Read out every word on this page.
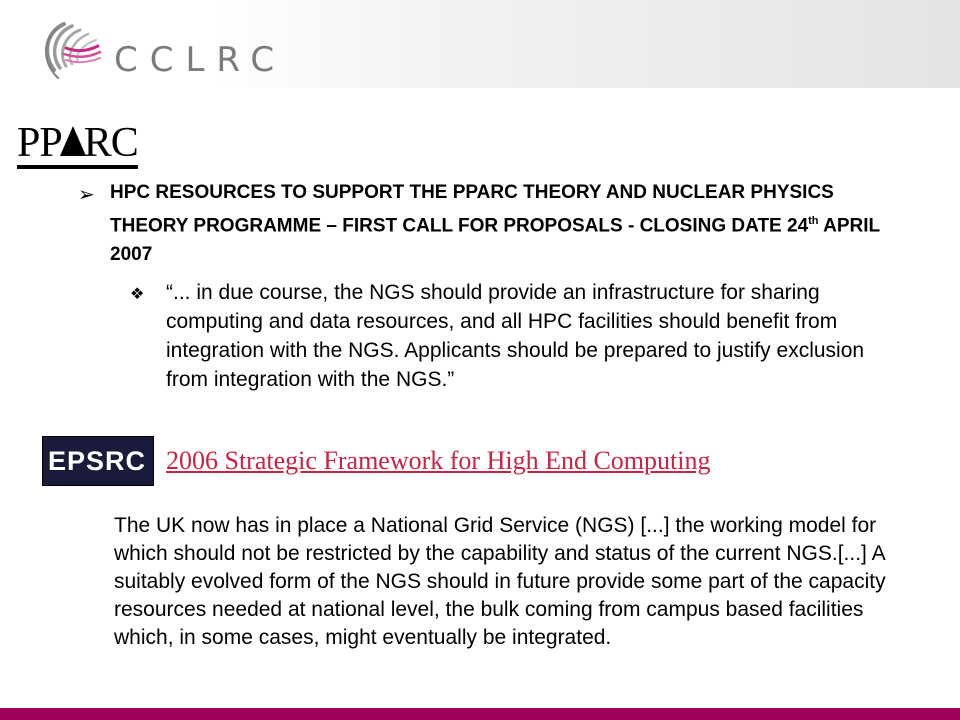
CCLRC
PP RC
➢ HPC RESOURCES TO SUPPORT THE PPARC THEORY AND NUCLEAR PHYSICS THEORY PROGRAMME – FIRST CALL FOR PROPOSALS - CLOSING DATE 24th APRIL 2007
❖ “... in due course, the NGS should provide an infrastructure for sharing computing and data resources, and all HPC facilities should benefit from integration with the NGS. Applicants should be prepared to justify exclusion from integration with the NGS.”
EPSRC 2006 Strategic Framework for High End Computing
The UK now has in place a National Grid Service (NGS) [...] the working model for which should not be restricted by the capability and status of the current NGS.[...] A suitably evolved form of the NGS should in future provide some part of the capacity resources needed at national level, the bulk coming from campus based facilities which, in some cases, might eventually be integrated.
